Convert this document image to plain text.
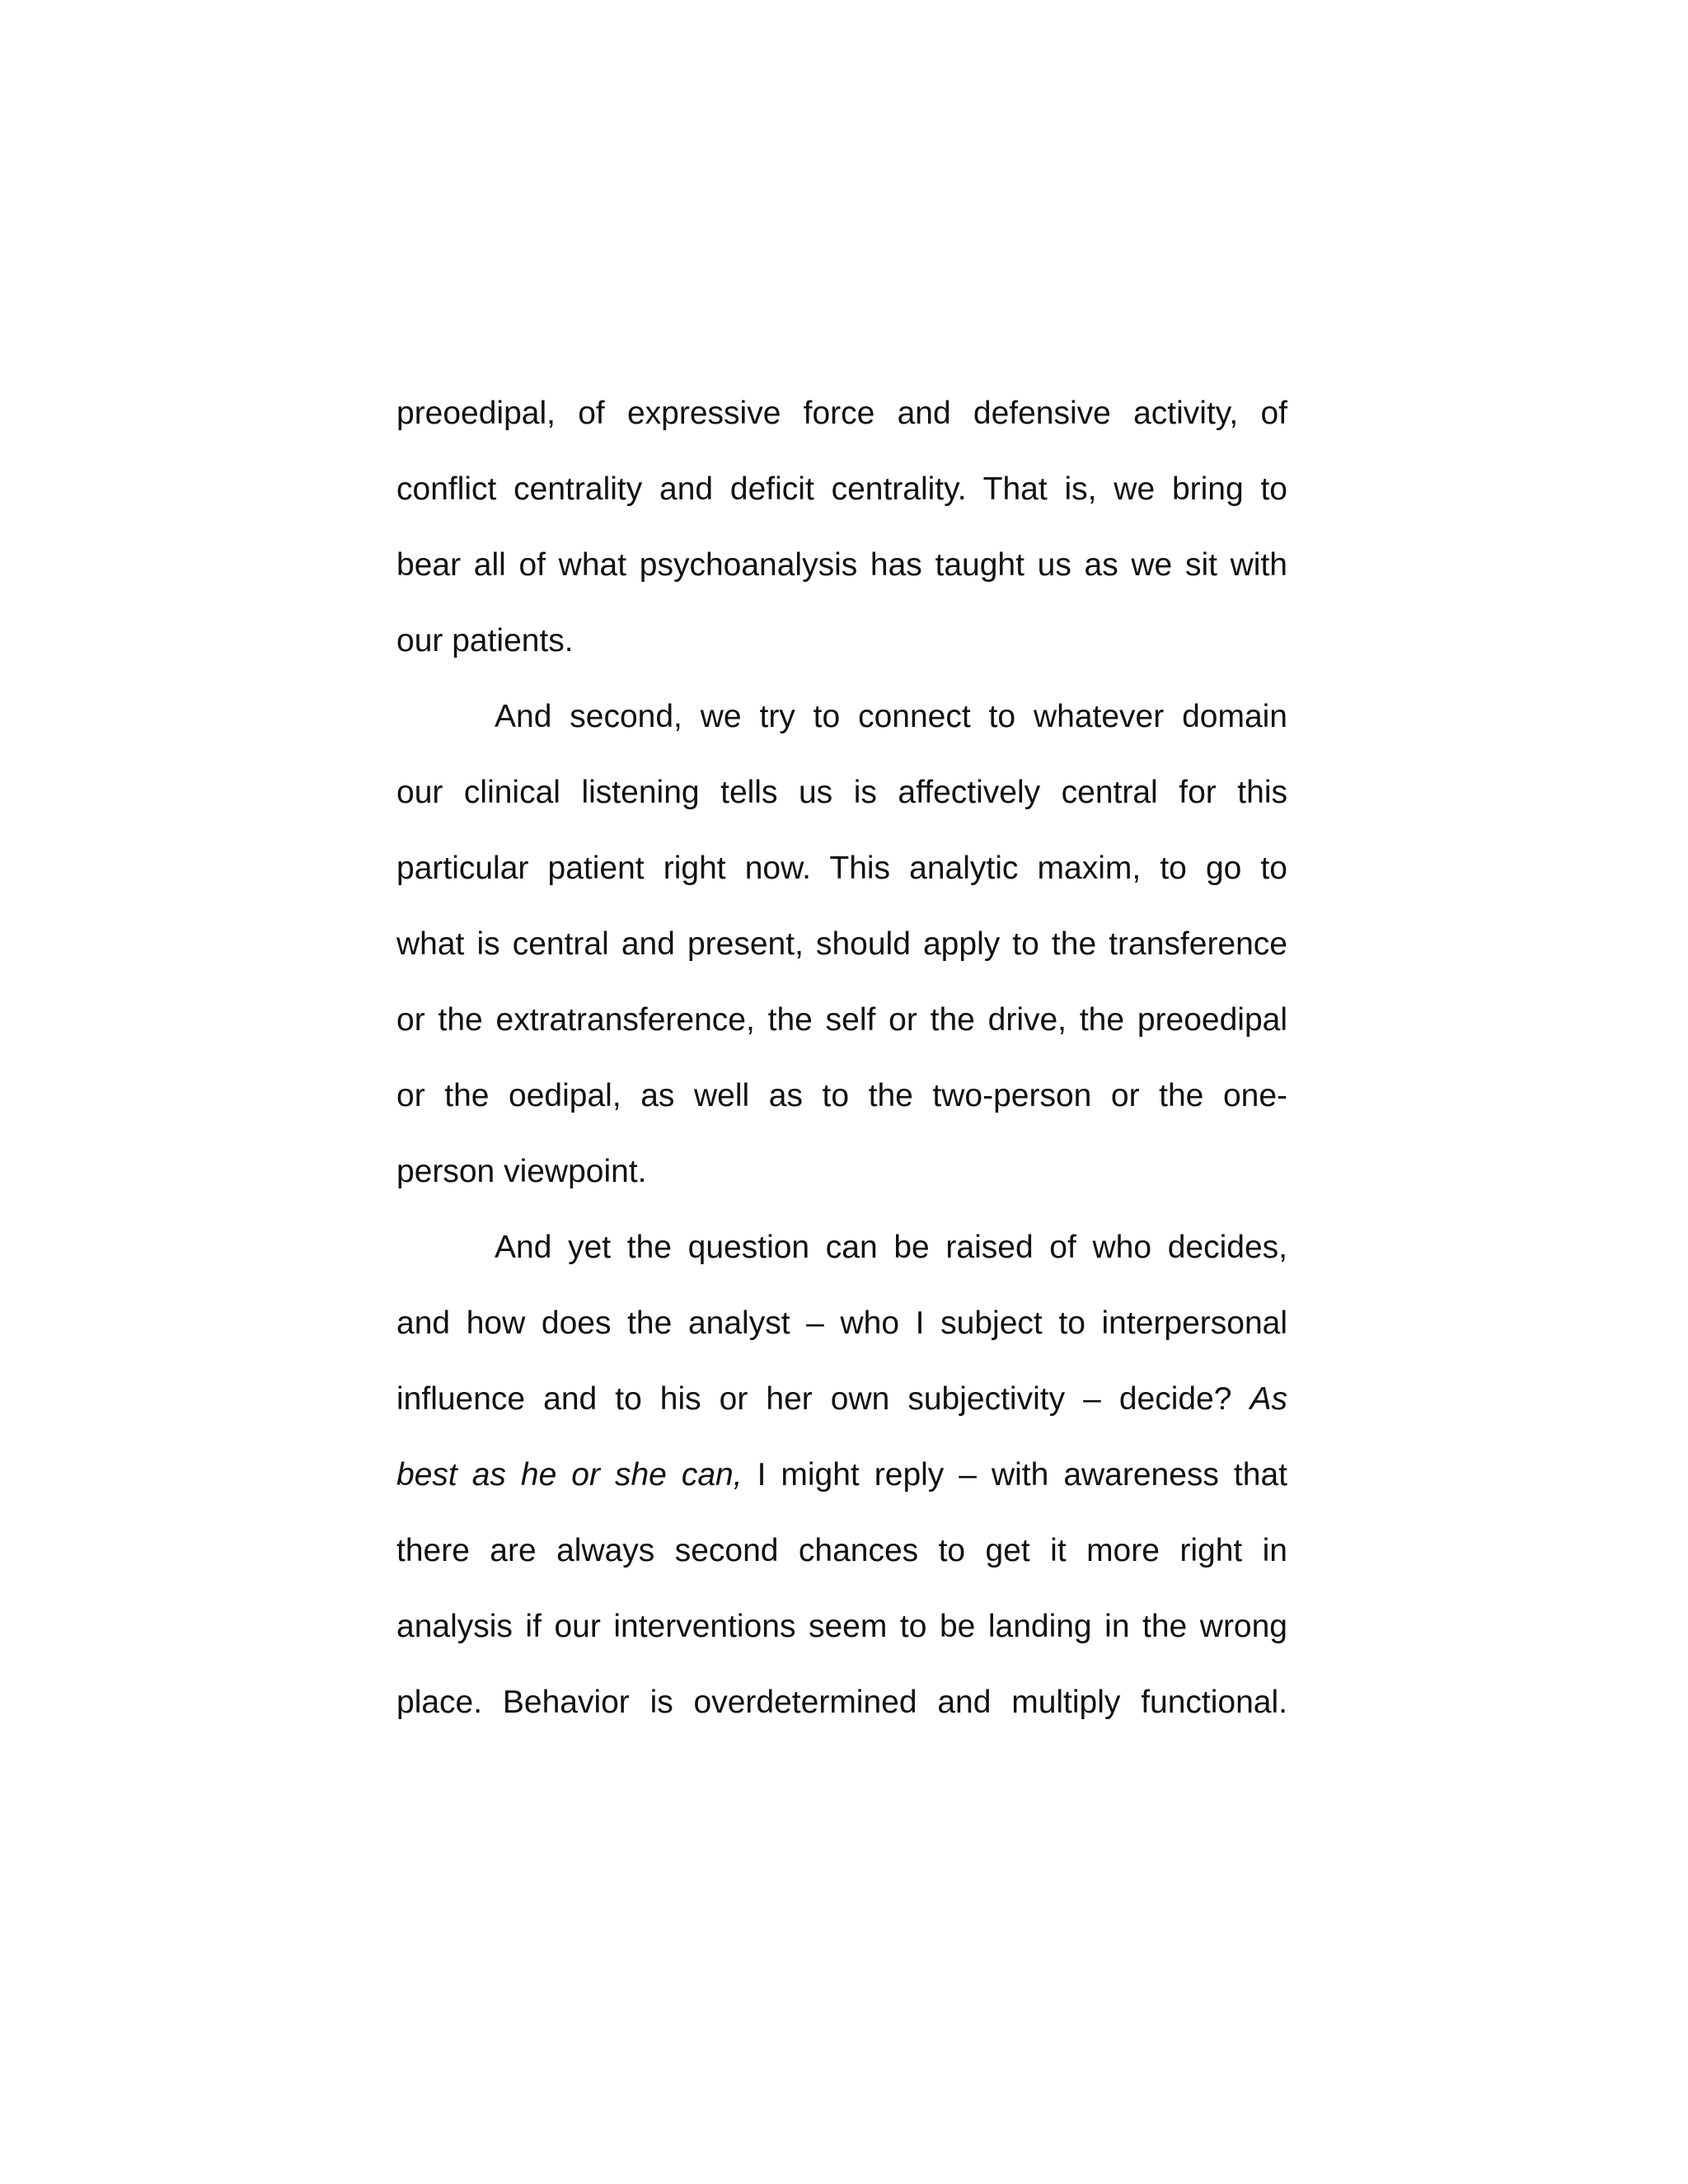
preoedipal, of expressive force and defensive activity, of
conflict centrality and deficit centrality. That is, we bring to
bear all of what psychoanalysis has taught us as we sit with
our patients.
And second, we try to connect to whatever domain
our clinical listening tells us is affectively central for this
particular patient right now. This analytic maxim, to go to
what is central and present, should apply to the transference
or the extratransference, the self or the drive, the preoedipal
or the oedipal, as well as to the two-person or the one-
person viewpoint.
And yet the question can be raised of who decides,
and how does the analyst – who I subject to interpersonal
influence and to his or her own subjectivity – decide? As
best as he or she can, I might reply – with awareness that
there are always second chances to get it more right in
analysis if our interventions seem to be landing in the wrong
place. Behavior is overdetermined and multiply functional.
